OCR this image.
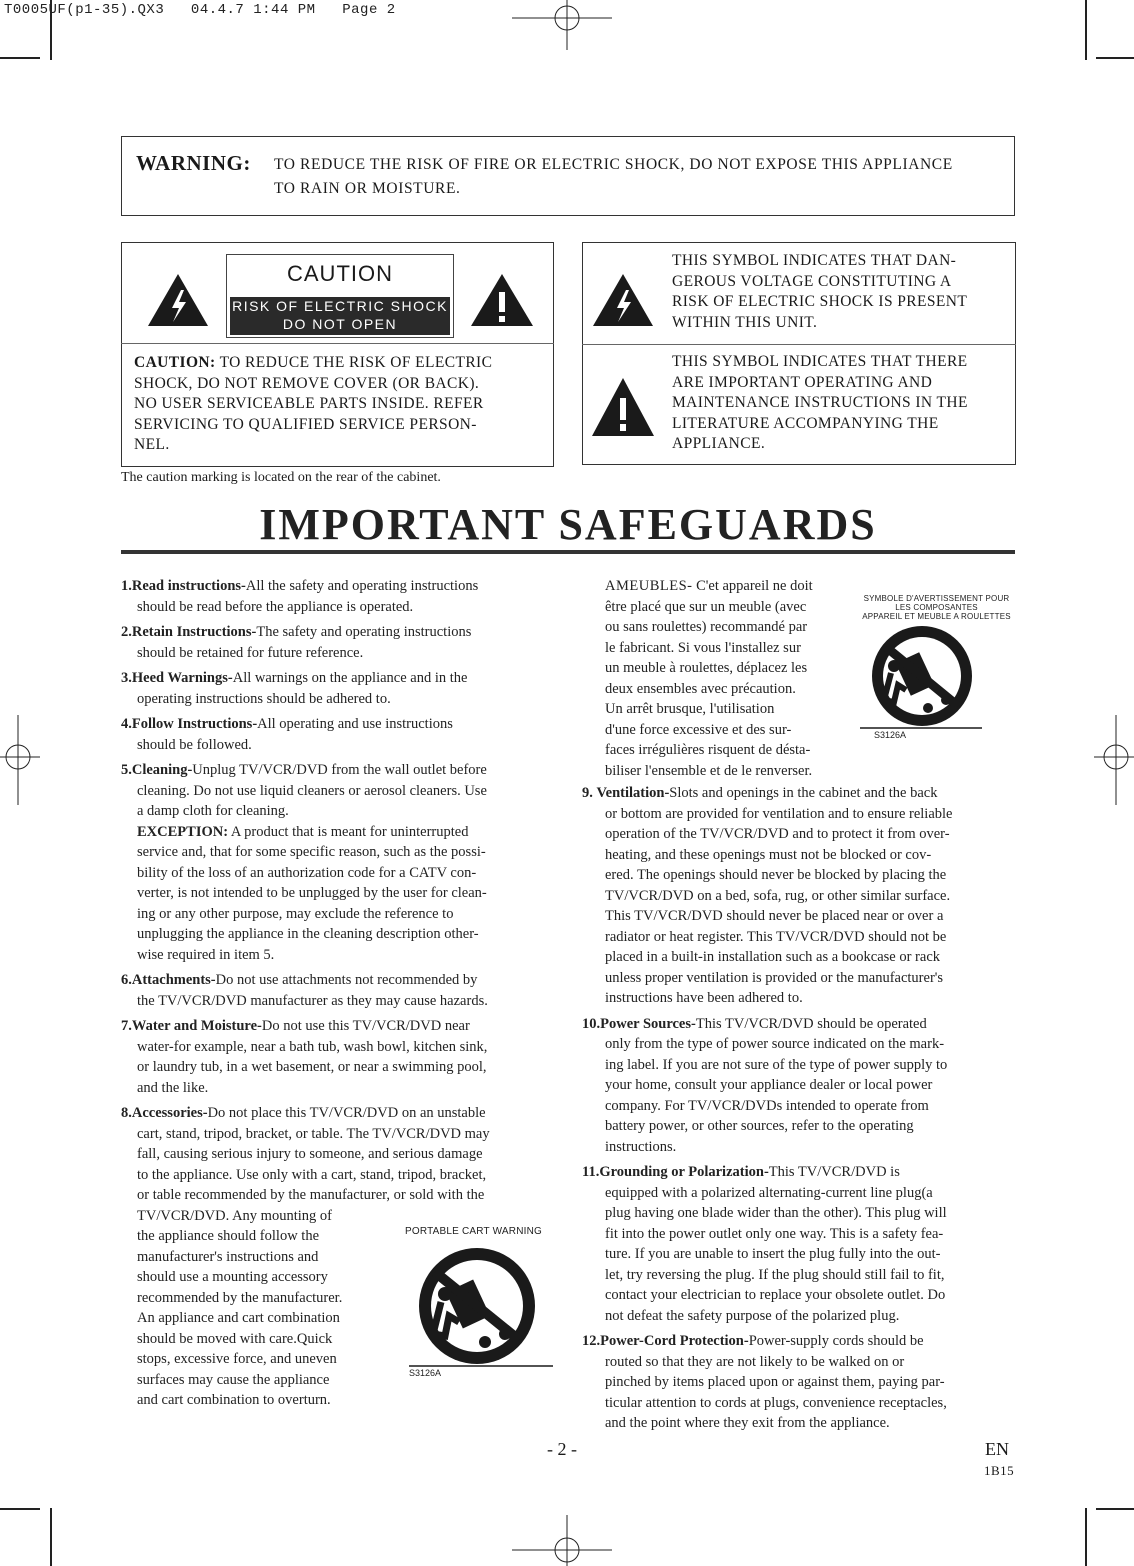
T0005UF(p1-35).QX3   04.4.7 1:44 PM   Page 2
WARNING: TO REDUCE THE RISK OF FIRE OR ELECTRIC SHOCK, DO NOT EXPOSE THIS APPLIANCE
TO RAIN OR MOISTURE.
CAUTION
RISK OF ELECTRIC SHOCK
DO NOT OPEN
CAUTION: TO REDUCE THE RISK OF ELECTRIC
SHOCK, DO NOT REMOVE COVER (OR BACK).
NO USER SERVICEABLE PARTS INSIDE. REFER
SERVICING TO QUALIFIED SERVICE PERSON-
NEL.
THIS SYMBOL INDICATES THAT DAN-
GEROUS VOLTAGE CONSTITUTING A
RISK OF ELECTRIC SHOCK IS PRESENT
WITHIN THIS UNIT.
THIS SYMBOL INDICATES THAT THERE
ARE IMPORTANT OPERATING AND
MAINTENANCE INSTRUCTIONS IN THE
LITERATURE ACCOMPANYING THE
APPLIANCE.
The caution marking is located on the rear of the cabinet.
IMPORTANT SAFEGUARDS
1.Read instructions-All the safety and operating instructions
should be read before the appliance is operated.
2.Retain Instructions-The safety and operating instructions
should be retained for future reference.
3.Heed Warnings-All warnings on the appliance and in the
operating instructions should be adhered to.
4.Follow Instructions-All operating and use instructions
should be followed.
5.Cleaning-Unplug TV/VCR/DVD from the wall outlet before
cleaning. Do not use liquid cleaners or aerosol cleaners. Use
a damp cloth for cleaning.
EXCEPTION: A product that is meant for uninterrupted
service and, that for some specific reason, such as the possi-
bility of the loss of an authorization code for a CATV con-
verter, is not intended to be unplugged by the user for clean-
ing or any other purpose, may exclude the reference to
unplugging the appliance in the cleaning description other-
wise required in item 5.
6.Attachments-Do not use attachments not recommended by
the TV/VCR/DVD manufacturer as they may cause hazards.
7.Water and Moisture-Do not use this TV/VCR/DVD near
water-for example, near a bath tub, wash bowl, kitchen sink,
or laundry tub, in a wet basement, or near a swimming pool,
and the like.
8.Accessories-Do not place this TV/VCR/DVD on an unstable
cart, stand, tripod, bracket, or table. The TV/VCR/DVD may
fall, causing serious injury to someone, and serious damage
to the appliance. Use only with a cart, stand, tripod, bracket,
or table recommended by the manufacturer, or sold with the
TV/VCR/DVD. Any mounting of
the appliance should follow the
manufacturer's instructions and
should use a mounting accessory
recommended by the manufacturer.
An appliance and cart combination
should be moved with care.Quick
stops, excessive force, and uneven
surfaces may cause the appliance
and cart combination to overturn.
PORTABLE CART WARNING
S3126A
AMEUBLES- C'et appareil ne doit
être placé que sur un meuble (avec
ou sans roulettes) recommandé par
le fabricant. Si vous l'installez sur
un meuble à roulettes, déplacez les
deux ensembles avec précaution.
Un arrêt brusque, l'utilisation
d'une force excessive et des sur-
faces irrégulières risquent de désta-
biliser l'ensemble et de le renverser.
SYMBOLE D'AVERTISSEMENT POUR
LES COMPOSANTES
APPAREIL ET MEUBLE A ROULETTES
S3126A
9. Ventilation-Slots and openings in the cabinet and the back
or bottom are provided for ventilation and to ensure reliable
operation of the TV/VCR/DVD and to protect it from over-
heating, and these openings must not be blocked or cov-
ered. The openings should never be blocked by placing the
TV/VCR/DVD on a bed, sofa, rug, or other similar surface.
This TV/VCR/DVD should never be placed near or over a
radiator or heat register. This TV/VCR/DVD should not be
placed in a built-in installation such as a bookcase or rack
unless proper ventilation is provided or the manufacturer's
instructions have been adhered to.
10.Power Sources-This TV/VCR/DVD should be operated
only from the type of power source indicated on the mark-
ing label. If you are not sure of the type of power supply to
your home, consult your appliance dealer or local power
company. For TV/VCR/DVDs intended to operate from
battery power, or other sources, refer to the operating
instructions.
11.Grounding or Polarization-This TV/VCR/DVD is
equipped with a polarized alternating-current line plug(a
plug having one blade wider than the other). This plug will
fit into the power outlet only one way. This is a safety fea-
ture. If you are unable to insert the plug fully into the out-
let, try reversing the plug. If the plug should still fail to fit,
contact your electrician to replace your obsolete outlet. Do
not defeat the safety purpose of the polarized plug.
12.Power-Cord Protection-Power-supply cords should be
routed so that they are not likely to be walked on or
pinched by items placed upon or against them, paying par-
ticular attention to cords at plugs, convenience receptacles,
and the point where they exit from the appliance.
- 2 -	EN
1B15
